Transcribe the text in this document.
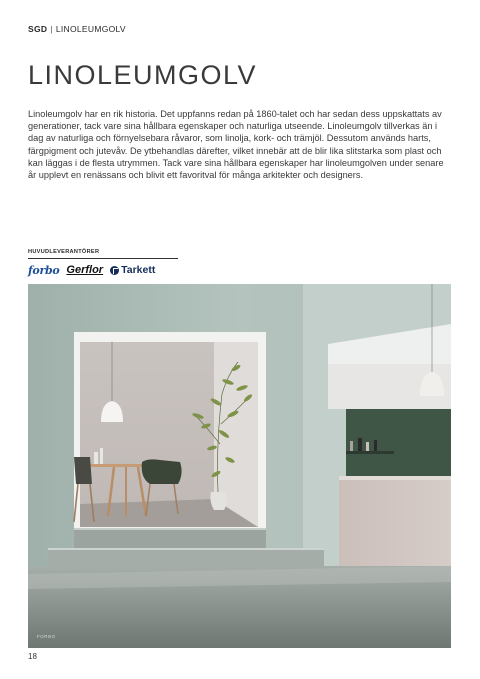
SGD | LINOLEUMGOLV
LINOLEUMGOLV

Linoleumgolv har en rik historia. Det uppfanns redan på 1860-talet och har sedan dess uppskattats av generationer, tack vare sina hållbara egenskaper och naturliga utseende. Linoleumgolv tillverkas än i dag av naturliga och förnyelsebara råvaror, som linolja, kork- och trämjöl. Dessutom används harts, färgpigment och jutevåv. De ytbehandlas därefter, vilket innebär att de blir lika slitstarka som plast och kan läggas i de flesta utrymmen. Tack vare sina hållbara egenskaper har linoleumgolven under senare år upplevt en renässans och blivit ett favoritval för många arkitekter och designers.

HUVUDLEVERANTÖRER
forbo Gerflor Tarkett
FORBO
18
